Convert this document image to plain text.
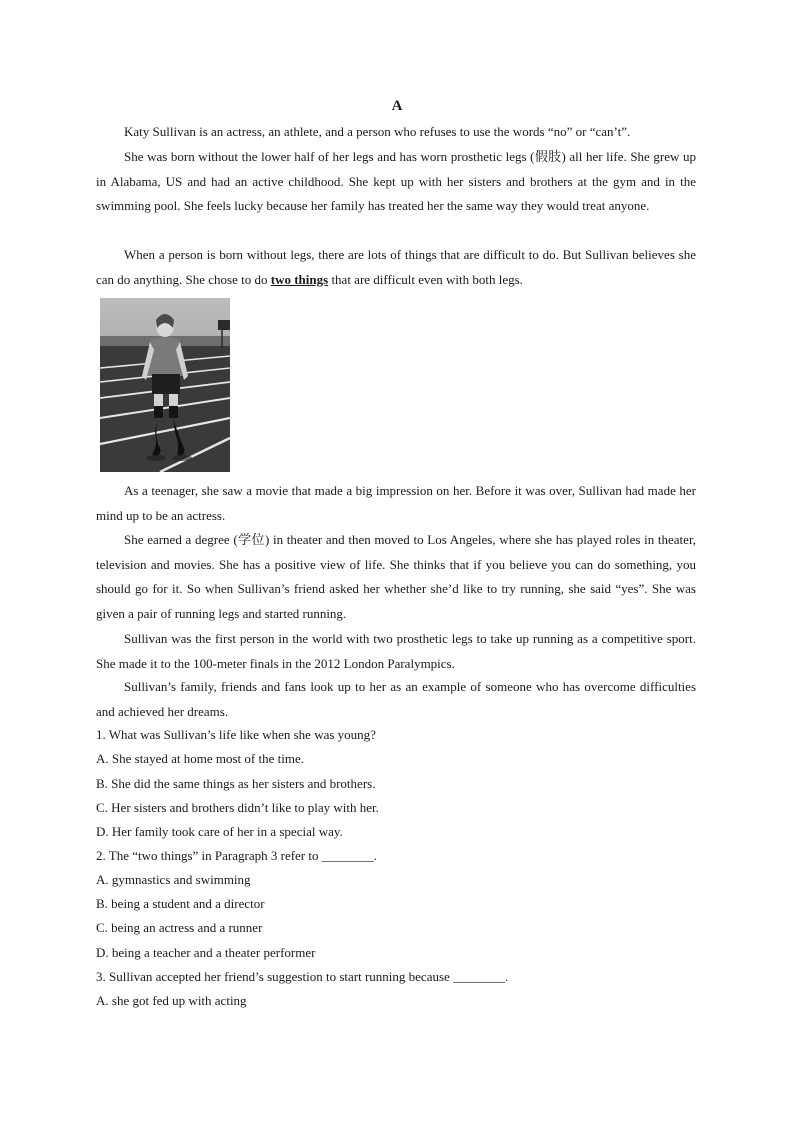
A

Katy Sullivan is an actress, an athlete, and a person who refuses to use the words “no” or “can’t”.

She was born without the lower half of her legs and has worn prosthetic legs (假肢) all her life. She grew up in Alabama, US and had an active childhood. She kept up with her sisters and brothers at the gym and in the swimming pool. She feels lucky because her family has treated her the same way they would treat anyone.

When a person is born without legs, there are lots of things that are difficult to do. But Sullivan believes she can do anything. She chose to do two things that are difficult even with both legs.

As a teenager, she saw a movie that made a big impression on her. Before it was over, Sullivan had made her mind up to be an actress.

She earned a degree (学位) in theater and then moved to Los Angeles, where she has played roles in theater, television and movies. She has a positive view of life. She thinks that if you believe you can do something, you should go for it. So when Sullivan’s friend asked her whether she’d like to try running, she said “yes”. She was given a pair of running legs and started running.

Sullivan was the first person in the world with two prosthetic legs to take up running as a competitive sport. She made it to the 100-meter finals in the 2012 London Paralympics.

Sullivan’s family, friends and fans look up to her as an example of someone who has overcome difficulties and achieved her dreams.

1. What was Sullivan’s life like when she was young?
A. She stayed at home most of the time.
B. She did the same things as her sisters and brothers.
C. Her sisters and brothers didn’t like to play with her.
D. Her family took care of her in a special way.
2. The “two things” in Paragraph 3 refer to ________.
A. gymnastics and swimming
B. being a student and a director
C. being an actress and a runner
D. being a teacher and a theater performer
3. Sullivan accepted her friend’s suggestion to start running because ________.
A. she got fed up with acting
